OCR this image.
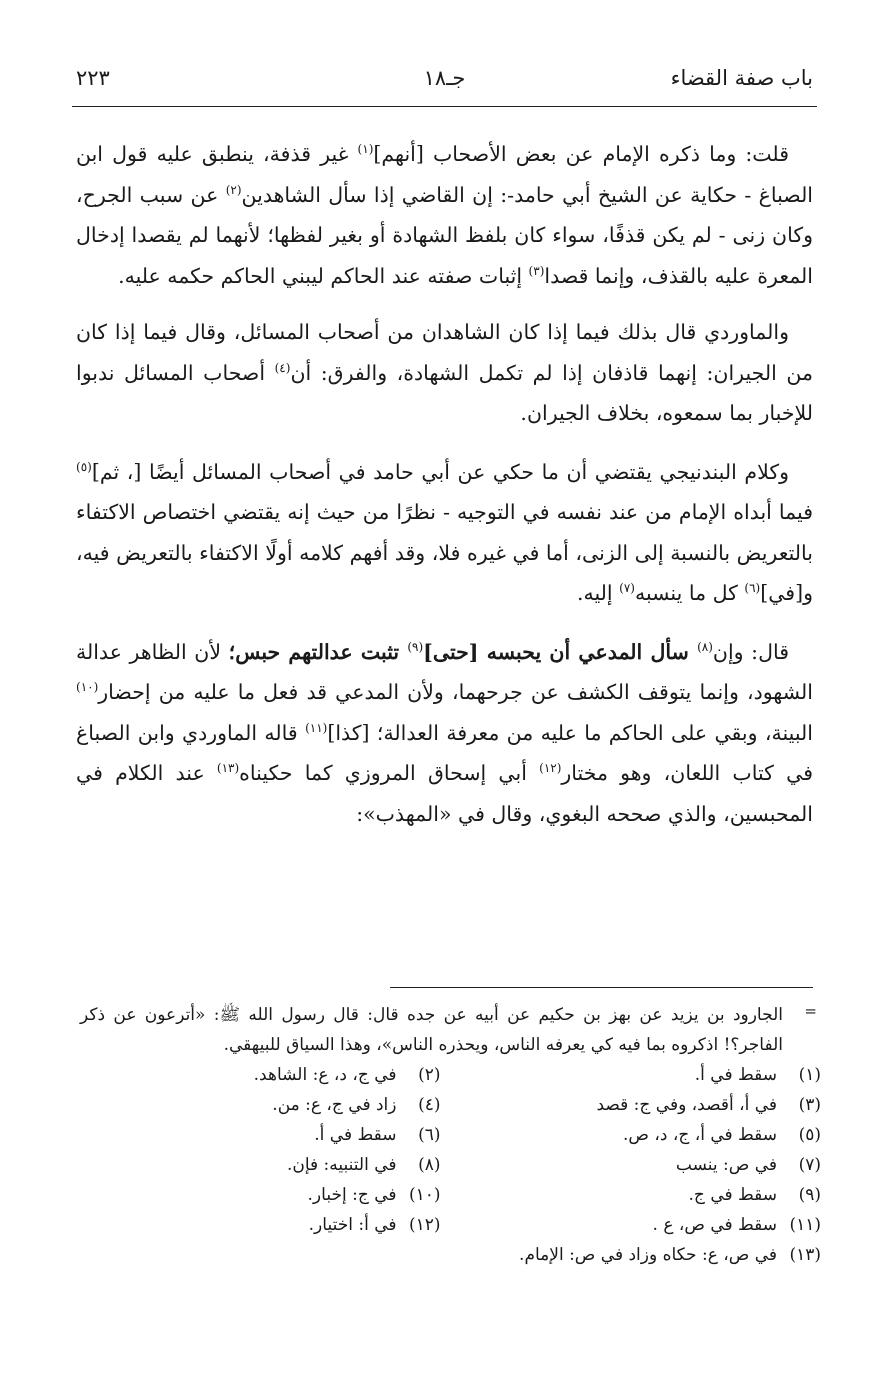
باب صفة القضاء
جـ١٨
٢٢٣

قلت: وما ذكره الإمام عن بعض الأصحاب [أنهم]$^{(١)}$ غير قذفة، ينطبق عليه قول ابن الصباغ - حكاية عن الشيخ أبي حامد-: إن القاضي إذا سأل الشاهدين$^{(٢)}$ عن سبب الجرح، وكان زنى - لم يكن قذفًا، سواء كان بلفظ الشهادة أو بغير لفظها؛ لأنهما لم يقصدا إدخال المعرة عليه بالقذف، وإنما قصدا$^{(٣)}$ إثبات صفته عند الحاكم ليبني الحاكم حكمه عليه.

والماوردي قال بذلك فيما إذا كان الشاهدان من أصحاب المسائل، وقال فيما إذا كان من الجيران: إنهما قاذفان إذا لم تكمل الشهادة، والفرق: أن$^{(٤)}$ أصحاب المسائل ندبوا للإخبار بما سمعوه، بخلاف الجيران.

وكلام البندنيجي يقتضي أن ما حكي عن أبي حامد في أصحاب المسائل أيضًا [، ثم]$^{(٥)}$ فيما أبداه الإمام من عند نفسه في التوجيه - نظرًا من حيث إنه يقتضي اختصاص الاكتفاء بالتعريض بالنسبة إلى الزنى، أما في غيره فلا، وقد أفهم كلامه أولًا الاكتفاء بالتعريض فيه، و[في]$^{(٦)}$ كل ما ينسبه$^{(٧)}$ إليه.

قال: وإن$^{(٨)}$ سأل المدعي أن يحبسه [حتى]$^{(٩)}$ تثبت عدالتهم حبس؛ لأن الظاهر عدالة الشهود، وإنما يتوقف الكشف عن جرحهما، ولأن المدعي قد فعل ما عليه من إحضار$^{(١٠)}$ البينة، وبقي على الحاكم ما عليه من معرفة العدالة؛ [كذا]$^{(١١)}$ قاله الماوردي وابن الصباغ في كتاب اللعان، وهو مختار$^{(١٢)}$ أبي إسحاق المروزي كما حكيناه$^{(١٣)}$ عند الكلام في المحبسين، والذي صححه البغوي، وقال في «المهذب»:

=
الجارود بن يزيد عن بهز بن حكيم عن أبيه عن جده قال: قال رسول الله ﷺ: «أترعون عن ذكر الفاجر؟! اذكروه بما فيه كي يعرفه الناس، ويحذره الناس»، وهذا السياق للبيهقي.
(١)سقط في أ.
(٢)في ج، د، ع: الشاهد.
(٣)في أ، أقصد، وفي ج: قصد
(٤)زاد في ج، ع: من.
(٥)سقط في أ، ج، د، ص.
(٦)سقط في أ.
(٧)في ص: ينسب
(٨)في التنبيه: فإن.
(٩)سقط في ج.
(١٠)في ج: إخبار.
(١١)سقط في ص، ع .
(١٢)في أ: اختيار.
(١٣)في ص، ع: حكاه وزاد في ص: الإمام.
